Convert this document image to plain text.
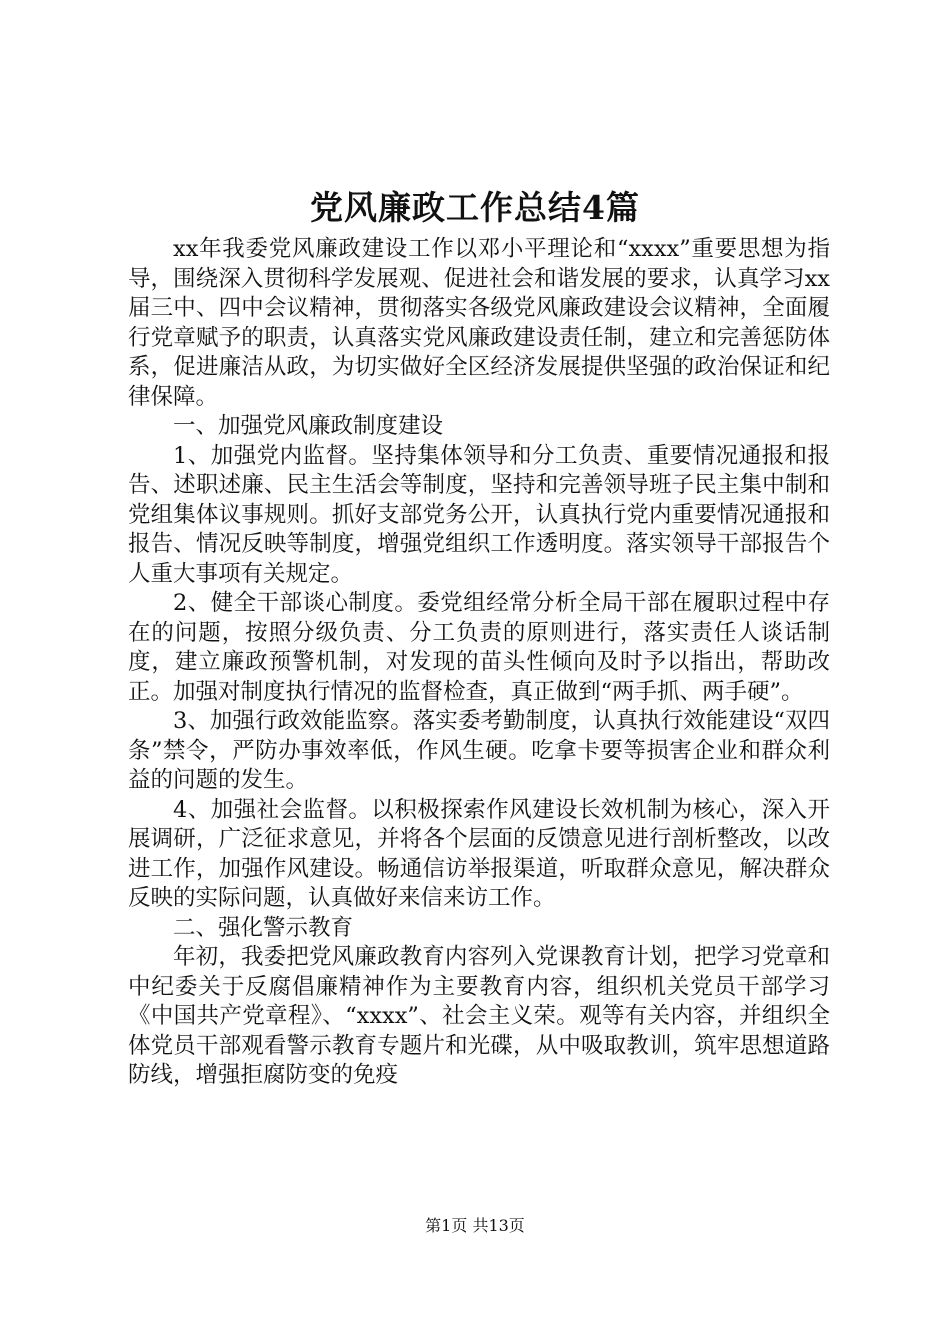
党风廉政工作总结4篇

xx年我委党风廉政建设工作以邓小平理论和“xxxx”重要思想为指导，围绕深入贯彻科学发展观、促进社会和谐发展的要求，认真学习xx届三中、四中会议精神，贯彻落实各级党风廉政建设会议精神，全面履行党章赋予的职责，认真落实党风廉政建设责任制，建立和完善惩防体系，促进廉洁从政，为切实做好全区经济发展提供坚强的政治保证和纪律保障。

一、加强党风廉政制度建设

1、加强党内监督。坚持集体领导和分工负责、重要情况通报和报告、述职述廉、民主生活会等制度，坚持和完善领导班子民主集中制和党组集体议事规则。抓好支部党务公开，认真执行党内重要情况通报和报告、情况反映等制度，增强党组织工作透明度。落实领导干部报告个人重大事项有关规定。

2、健全干部谈心制度。委党组经常分析全局干部在履职过程中存在的问题，按照分级负责、分工负责的原则进行，落实责任人谈话制度，建立廉政预警机制，对发现的苗头性倾向及时予以指出，帮助改正。加强对制度执行情况的监督检查，真正做到“两手抓、两手硬”。

3、加强行政效能监察。落实委考勤制度，认真执行效能建设“双四条”禁令，严防办事效率低，作风生硬。吃拿卡要等损害企业和群众利益的问题的发生。

4、加强社会监督。以积极探索作风建设长效机制为核心，深入开展调研，广泛征求意见，并将各个层面的反馈意见进行剖析整改，以改进工作，加强作风建设。畅通信访举报渠道，听取群众意见，解决群众反映的实际问题，认真做好来信来访工作。

二、强化警示教育

年初，我委把党风廉政教育内容列入党课教育计划，把学习党章和中纪委关于反腐倡廉精神作为主要教育内容，组织机关党员干部学习《中国共产党章程》、“xxxx”、社会主义荣。观等有关内容，并组织全体党员干部观看警示教育专题片和光碟，从中吸取教训，筑牢思想道路防线，增强拒腐防变的免疫

第1页 共13页
